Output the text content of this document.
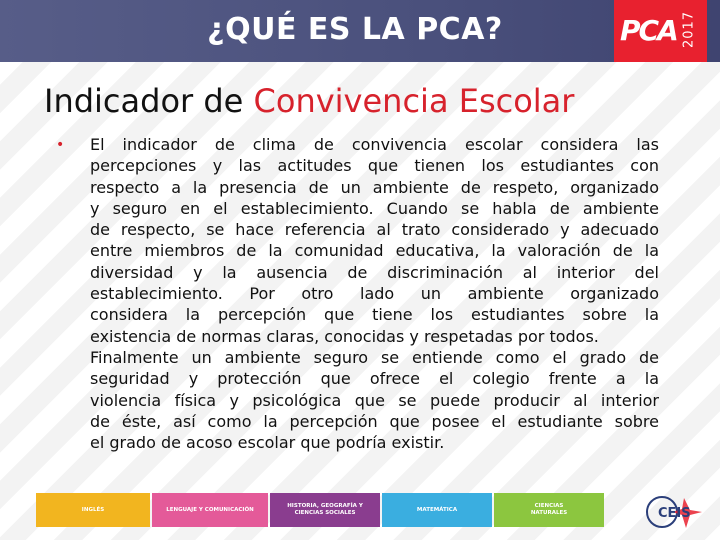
¿QUÉ ES LA PCA?	PCA 2017
Indicador de Convivencia Escolar
• El indicador de clima de convivencia escolar considera las
percepciones y las actitudes que tienen los estudiantes con
respecto a la presencia de un ambiente de respeto, organizado
y seguro en el establecimiento. Cuando se habla de ambiente
de respecto, se hace referencia al trato considerado y adecuado
entre miembros de la comunidad educativa, la valoración de la
diversidad y la ausencia de discriminación al interior del
establecimiento. Por otro lado un ambiente organizado
considera la percepción que tiene los estudiantes sobre la
existencia de normas claras, conocidas y respetadas por todos.
Finalmente un ambiente seguro se entiende como el grado de
seguridad y protección que ofrece el colegio frente a la
violencia física y psicológica que se puede producir al interior
de éste, así como la percepción que posee el estudiante sobre
el grado de acoso escolar que podría existir.
INGLÉS	LENGUAJE Y COMUNICACIÓN
HISTORIA, GEOGRAFÍA Y CIENCIAS SOCIALES
MATEMÁTICA
CIENCIAS NATURALES	CEIS
